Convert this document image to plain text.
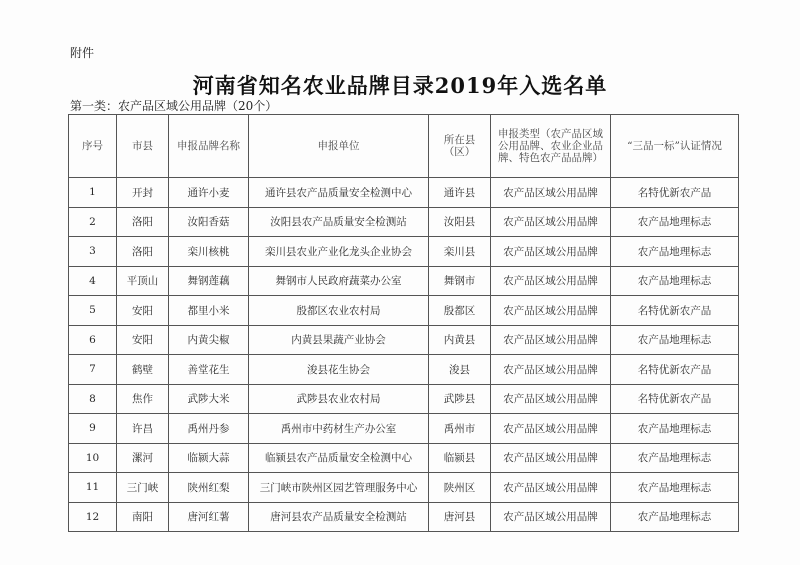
附件
河南省知名农业品牌目录2019年入选名单
第一类：农产品区域公用品牌（20个）
序号	市县	申报品牌名称	申报单位	所在县（区）	申报类型（农产品区域公用品牌、农业企业品牌、特色农产品品牌）	“三品一标”认证情况
1	开封	通许小麦	通许县农产品质量安全检测中心	通许县	农产品区域公用品牌	名特优新农产品
2	洛阳	汝阳香菇	汝阳县农产品质量安全检测站	汝阳县	农产品区域公用品牌	农产品地理标志
3	洛阳	栾川核桃	栾川县农业产业化龙头企业协会	栾川县	农产品区域公用品牌	农产品地理标志
4	平顶山	舞钢莲藕	舞钢市人民政府蔬菜办公室	舞钢市	农产品区域公用品牌	农产品地理标志
5	安阳	都里小米	殷都区农业农村局	殷都区	农产品区域公用品牌	名特优新农产品
6	安阳	内黄尖椒	内黄县果蔬产业协会	内黄县	农产品区域公用品牌	农产品地理标志
7	鹤壁	善堂花生	浚县花生协会	浚县	农产品区域公用品牌	名特优新农产品
8	焦作	武陟大米	武陟县农业农村局	武陟县	农产品区域公用品牌	名特优新农产品
9	许昌	禹州丹参	禹州市中药材生产办公室	禹州市	农产品区域公用品牌	农产品地理标志
10	漯河	临颍大蒜	临颍县农产品质量安全检测中心	临颍县	农产品区域公用品牌	农产品地理标志
11	三门峡	陕州红梨	三门峡市陕州区园艺管理服务中心	陕州区	农产品区域公用品牌	农产品地理标志
12	南阳	唐河红薯	唐河县农产品质量安全检测站	唐河县	农产品区域公用品牌	农产品地理标志
